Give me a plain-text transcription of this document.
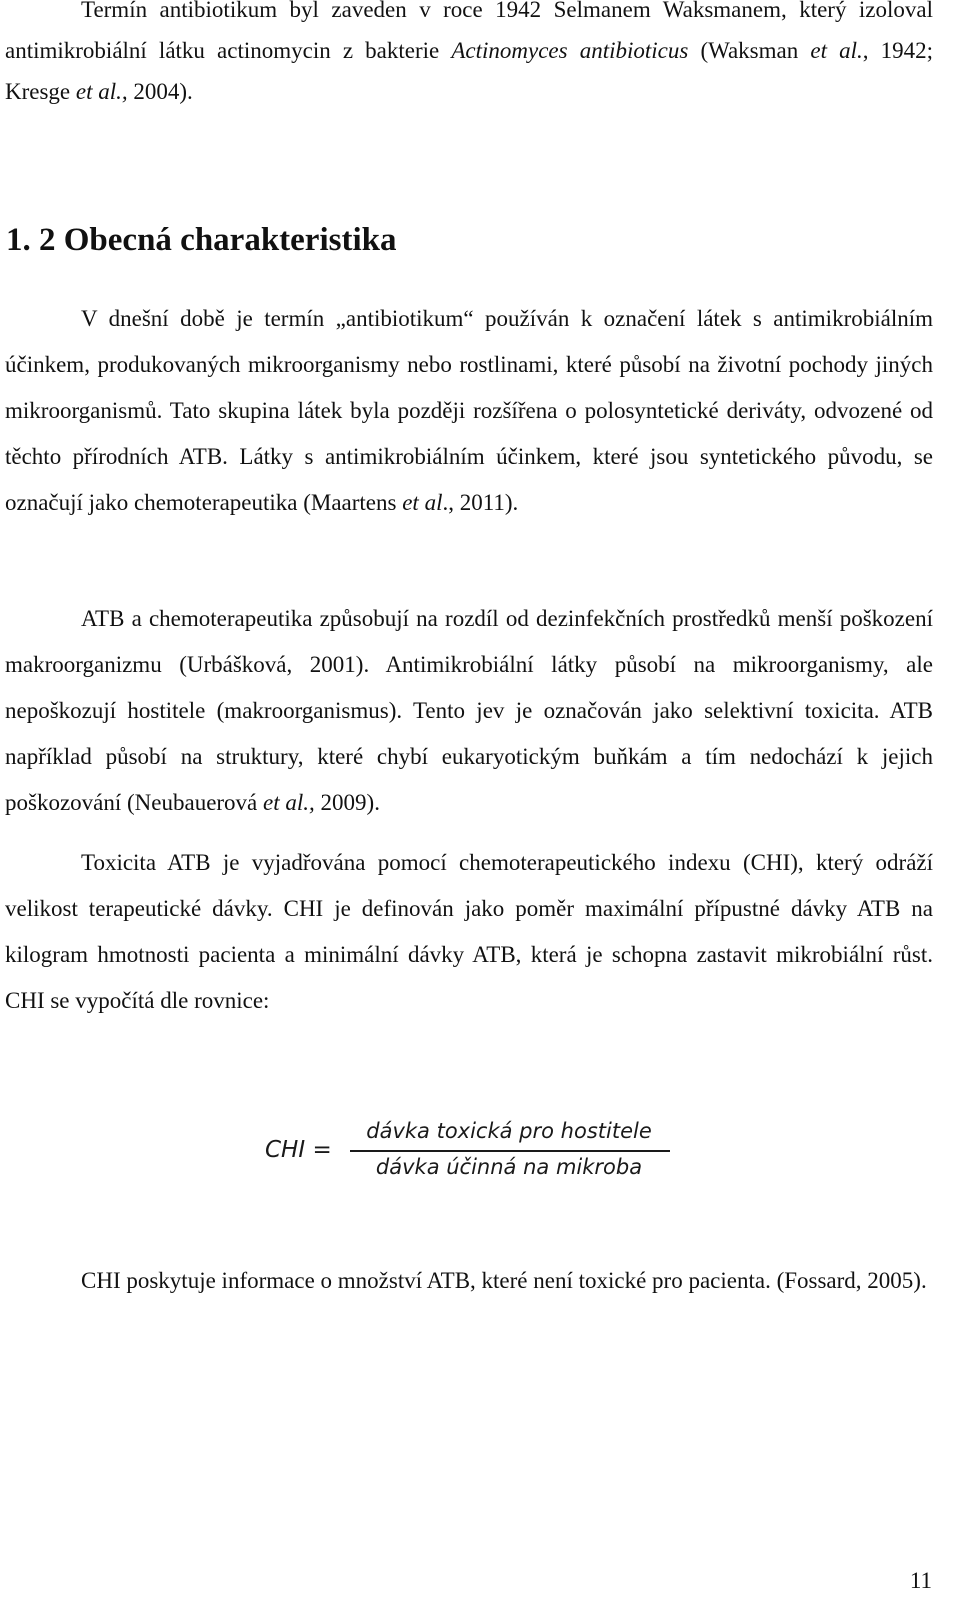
Termín antibiotikum byl zaveden v roce 1942 Selmanem Waksmanem, který izoloval antimikrobiální látku actinomycin z bakterie Actinomyces antibioticus (Waksman et al., 1942; Kresge et al., 2004).

1. 2 Obecná charakteristika

V dnešní době je termín „antibiotikum“ používán k označení látek s antimikrobiálním účinkem, produkovaných mikroorganismy nebo rostlinami, které působí na životní pochody jiných mikroorganismů. Tato skupina látek byla později rozšířena o polosyntetické deriváty, odvozené od těchto přírodních ATB. Látky s antimikrobiálním účinkem, které jsou syntetického původu, se označují jako chemoterapeutika (Maartens et al., 2011).

ATB a chemoterapeutika způsobují na rozdíl od dezinfekčních prostředků menší poškození makroorganizmu (Urbášková, 2001). Antimikrobiální látky působí na mikroorganismy, ale nepoškozují hostitele (makroorganismus). Tento jev je označován jako selektivní toxicita. ATB například působí na struktury, které chybí eukaryotickým buňkám a tím nedochází k jejich poškozování (Neubauerová et al., 2009).

Toxicita ATB je vyjadřována pomocí chemoterapeutického indexu (CHI), který odráží velikost terapeutické dávky. CHI je definován jako poměr maximální přípustné dávky ATB na kilogram hmotnosti pacienta a minimální dávky ATB, která je schopna zastavit mikrobiální růst. CHI se vypočítá dle rovnice:

CHI =
dávka toxická pro hostitele
dávka účinná na mikroba

CHI poskytuje informace o množství ATB, které není toxické pro pacienta. (Fossard, 2005).

11
